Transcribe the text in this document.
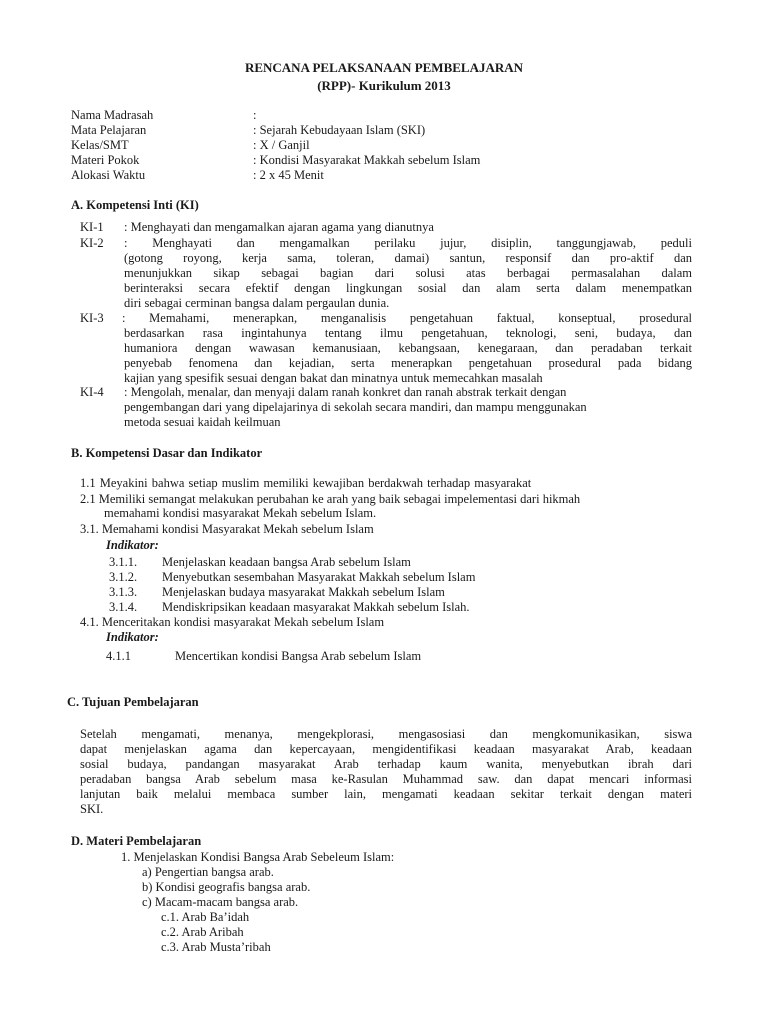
RENCANA PELAKSANAAN PEMBELAJARAN
(RPP)- Kurikulum 2013
Nama Madrasah	:
Mata Pelajaran	: Sejarah Kebudayaan Islam (SKI)
Kelas/SMT	: X / Ganjil
Materi Pokok	: Kondisi Masyarakat Makkah sebelum Islam
Alokasi Waktu	: 2 x 45 Menit
A. Kompetensi Inti (KI)
KI-1 : Menghayati dan mengamalkan ajaran agama yang dianutnya
KI-2 : Menghayati dan mengamalkan perilaku jujur, disiplin, tanggungjawab, peduli
(gotong royong, kerja sama, toleran, damai) santun, responsif dan pro-aktif dan
menunjukkan sikap sebagai bagian dari solusi atas berbagai permasalahan dalam
berinteraksi secara efektif dengan lingkungan sosial dan alam serta dalam menempatkan
diri sebagai cerminan bangsa dalam pergaulan dunia.
KI-3 : Memahami, menerapkan, menganalisis pengetahuan faktual, konseptual, prosedural
berdasarkan rasa ingintahunya tentang ilmu pengetahuan, teknologi, seni, budaya, dan
humaniora dengan wawasan kemanusiaan, kebangsaan, kenegaraan, dan peradaban terkait
penyebab fenomena dan kejadian, serta menerapkan pengetahuan prosedural pada bidang
kajian yang spesifik sesuai dengan bakat dan minatnya untuk memecahkan masalah
KI-4 : Mengolah, menalar, dan menyaji dalam ranah konkret dan ranah abstrak terkait dengan
pengembangan dari yang dipelajarinya di sekolah secara mandiri, dan mampu menggunakan
metoda sesuai kaidah keilmuan
B. Kompetensi Dasar dan Indikator
1.1 Meyakini bahwa setiap muslim memiliki kewajiban berdakwah terhadap masyarakat
2.1 Memiliki semangat melakukan perubahan ke arah yang baik sebagai impelementasi dari hikmah
memahami kondisi masyarakat Mekah sebelum Islam.
3.1. Memahami kondisi Masyarakat Mekah sebelum Islam
Indikator:
3.1.1. Menjelaskan keadaan bangsa Arab sebelum Islam
3.1.2. Menyebutkan sesembahan Masyarakat Makkah sebelum Islam
3.1.3. Menjelaskan budaya masyarakat Makkah sebelum Islam
3.1.4. Mendiskripsikan keadaan masyarakat Makkah sebelum Islah.
4.1. Menceritakan kondisi masyarakat Mekah sebelum Islam
Indikator:
4.1.1	Mencertikan kondisi Bangsa Arab sebelum Islam
C. Tujuan Pembelajaran
Setelah mengamati, menanya, mengekplorasi, mengasosiasi dan mengkomunikasikan, siswa
dapat menjelaskan agama dan kepercayaan, mengidentifikasi keadaan masyarakat Arab, keadaan
sosial budaya, pandangan masyarakat Arab terhadap kaum wanita, menyebutkan ibrah dari
peradaban bangsa Arab sebelum masa ke-Rasulan Muhammad saw. dan dapat mencari informasi
lanjutan baik melalui membaca sumber lain, mengamati keadaan sekitar terkait dengan materi
SKI.
D. Materi Pembelajaran
1. Menjelaskan Kondisi Bangsa Arab Sebeleum Islam:
a) Pengertian bangsa arab.
b) Kondisi geografis bangsa arab.
c) Macam-macam bangsa arab.
c.1. Arab Ba’idah
c.2. Arab Aribah
c.3. Arab Musta’ribah
